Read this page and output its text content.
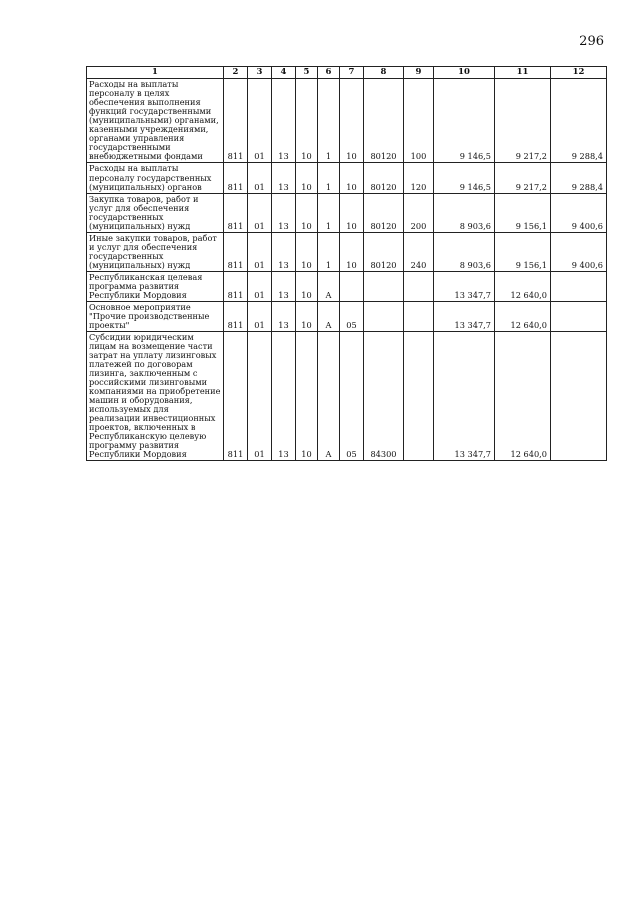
296
1	2	3	4	5	6	7	8	9	10	11	12
Расходы на выплаты персоналу в целях обеспечения выполнения функций государственными (муниципальными) органами, казенными учреждениями, органами управления государственными внебюджетными фондами	811	01	13	10	1	10	80120	100	9 146,5	9 217,2	9 288,4
Расходы на выплаты персоналу государственных (муниципальных) органов	811	01	13	10	1	10	80120	120	9 146,5	9 217,2	9 288,4
Закупка товаров, работ и услуг для обеспечения государственных (муниципальных) нужд	811	01	13	10	1	10	80120	200	8 903,6	9 156,1	9 400,6
Иные закупки товаров, работ и услуг для обеспечения государственных (муниципальных) нужд	811	01	13	10	1	10	80120	240	8 903,6	9 156,1	9 400,6
Республиканская целевая программа развития Республики Мордовия	811	01	13	10	А				13 347,7	12 640,0	
Основное мероприятие "Прочие производственные проекты"	811	01	13	10	А	05			13 347,7	12 640,0	
Субсидии юридическим лицам на возмещение части затрат на уплату лизинговых платежей по договорам лизинга, заключенным с российскими лизинговыми компаниями на приобретение машин и оборудования, используемых для реализации инвестиционных проектов, включенных в Республиканскую целевую программу развития Республики Мордовия	811	01	13	10	А	05	84300		13 347,7	12 640,0	
